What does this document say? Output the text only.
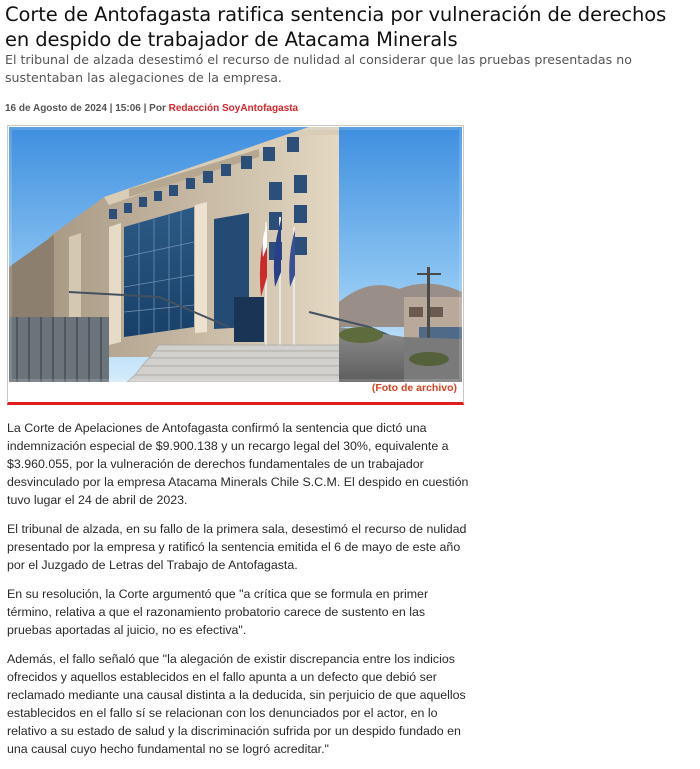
Corte de Antofagasta ratifica sentencia por vulneración de derechos en despido de trabajador de Atacama Minerals

El tribunal de alzada desestimó el recurso de nulidad al considerar que las pruebas presentadas no sustentaban las alegaciones de la empresa.

16 de Agosto de 2024 | 15:06 | Por Redacción SoyAntofagasta
(Foto de archivo)

La Corte de Apelaciones de Antofagasta confirmó la sentencia que dictó una indemnización especial de $9.900.138 y un recargo legal del 30%, equivalente a $3.960.055, por la vulneración de derechos fundamentales de un trabajador desvinculado por la empresa Atacama Minerals Chile S.C.M. El despido en cuestión tuvo lugar el 24 de abril de 2023.

El tribunal de alzada, en su fallo de la primera sala, desestimó el recurso de nulidad presentado por la empresa y ratificó la sentencia emitida el 6 de mayo de este año por el Juzgado de Letras del Trabajo de Antofagasta.

En su resolución, la Corte argumentó que "a crítica que se formula en primer término, relativa a que el razonamiento probatorio carece de sustento en las pruebas aportadas al juicio, no es efectiva".

Además, el fallo señaló que "la alegación de existir discrepancia entre los indicios ofrecidos y aquellos establecidos en el fallo apunta a un defecto que debió ser reclamado mediante una causal distinta a la deducida, sin perjuicio de que aquellos establecidos en el fallo sí se relacionan con los denunciados por el actor, en lo relativo a su estado de salud y la discriminación sufrida por un despido fundado en una causal cuyo hecho fundamental no se logró acreditar."
